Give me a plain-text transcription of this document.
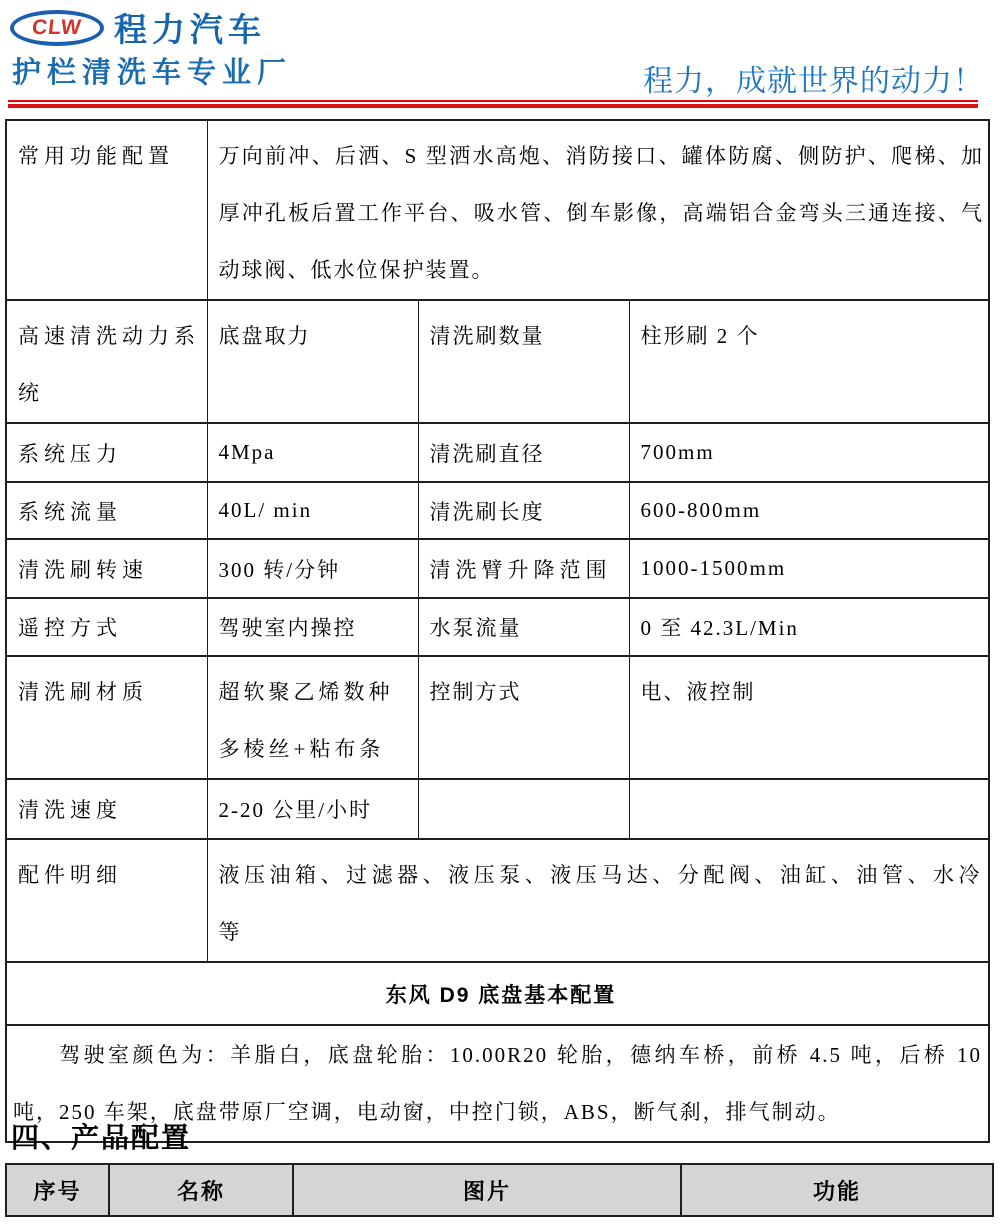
CLW 程力汽车
护栏清洗车专业厂	程力，成就世界的动力！
常用功能配置	万向前冲、后洒、S 型洒水高炮、消防接口、罐体防腐、侧防护、爬梯、加厚冲孔板后置工作平台、吸水管、倒车影像，高端铝合金弯头三通连接、气动球阀、低水位保护装置。		
高速清洗动力系统	底盘取力	清洗刷数量	柱形刷 2 个
系统压力	4Mpa	清洗刷直径	700mm
系统流量	40L/ min	清洗刷长度	600-800mm
清洗刷转速	300 转/分钟	清洗臂升降范围	1000-1500mm
遥控方式	驾驶室内操控	水泵流量	0 至 42.3L/Min
清洗刷材质	超软聚乙烯数种多棱丝+粘布条	控制方式	电、液控制
清洗速度	2-20 公里/小时		
配件明细	液压油箱、过滤器、液压泵、液压马达、分配阀、油缸、油管、水冷等		
东风 D9 底盘基本配置			

驾驶室颜色为：羊脂白，底盘轮胎：10.00R20 轮胎，德纳车桥，前桥 4.5 吨，后桥 10 吨，250 车架，底盘带原厂空调，电动窗，中控门锁，ABS，断气刹，排气制动。			

四、产品配置
序号	名称	图片	功能
